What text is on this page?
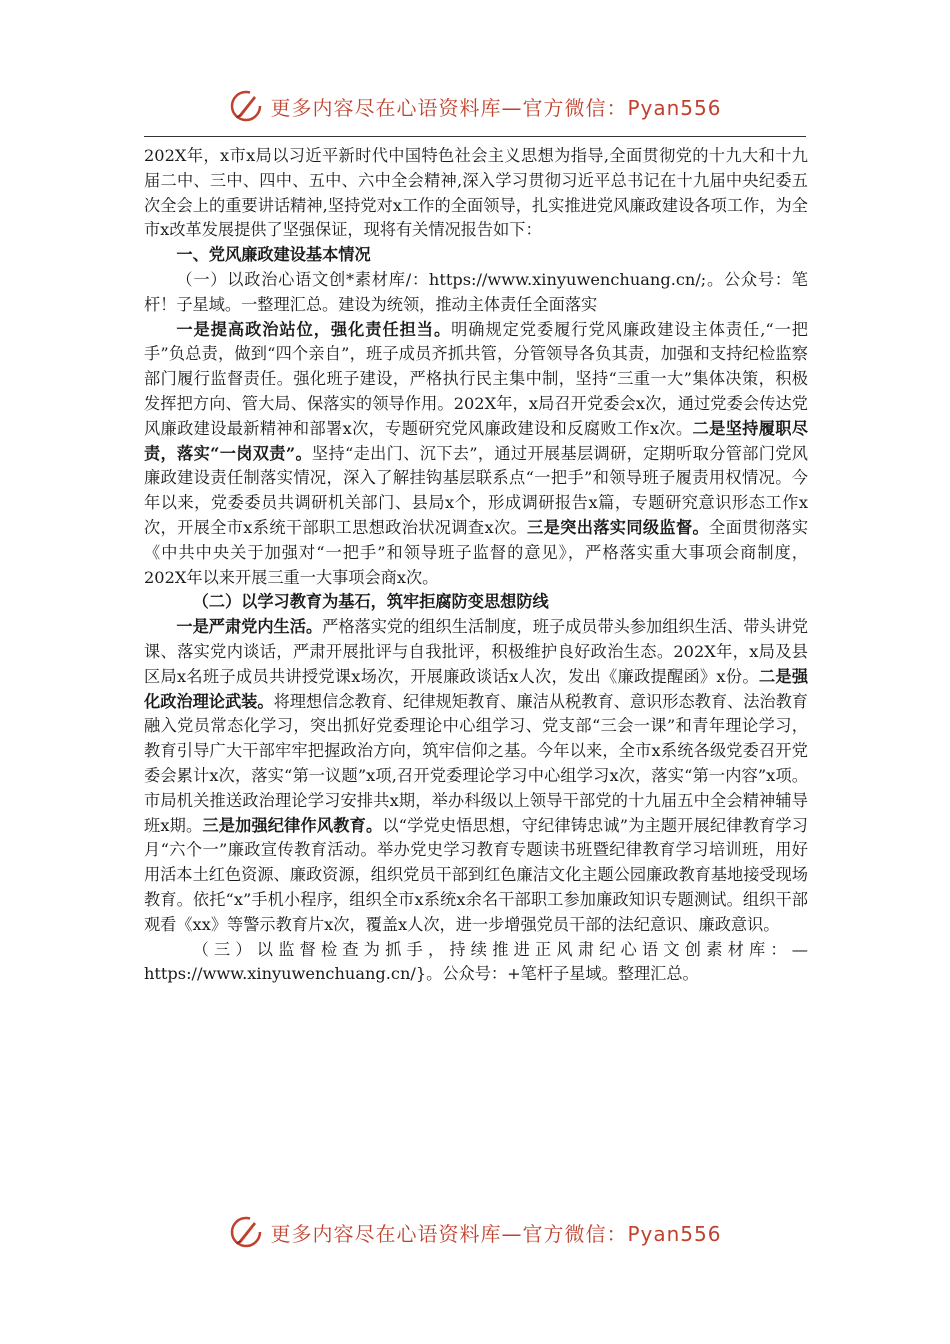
更多内容尽在心语资料库—官方微信：Pyan556

202X年，x市x局以习近平新时代中国特色社会主义思想为指导,全面贯彻党的十九大和十九届二中、三中、四中、五中、六中全会精神,深入学习贯彻习近平总书记在十九届中央纪委五次全会上的重要讲话精神,坚持党对x工作的全面领导，扎实推进党风廉政建设各项工作，为全市x改革发展提供了坚强保证，现将有关情况报告如下：

一、党风廉政建设基本情况

（一）以政治心语文创*素材库/：https://www.xinyuwenchuang.cn/;。公众号：笔杆！子星域。一整理汇总。建设为统领，推动主体责任全面落实

一是提高政治站位，强化责任担当。明确规定党委履行党风廉政建设主体责任,“一把手”负总责，做到“四个亲自”，班子成员齐抓共管，分管领导各负其责，加强和支持纪检监察部门履行监督责任。强化班子建设，严格执行民主集中制，坚持“三重一大”集体决策，积极发挥把方向、管大局、保落实的领导作用。202X年，x局召开党委会x次，通过党委会传达党风廉政建设最新精神和部署x次，专题研究党风廉政建设和反腐败工作x次。二是坚持履职尽责，落实“一岗双责”。坚持“走出门、沉下去”，通过开展基层调研，定期听取分管部门党风廉政建设责任制落实情况，深入了解挂钩基层联系点“一把手”和领导班子履责用权情况。今年以来，党委委员共调研机关部门、县局x个，形成调研报告x篇，专题研究意识形态工作x次，开展全市x系统干部职工思想政治状况调查x次。三是突出落实同级监督。全面贯彻落实《中共中央关于加强对“一把手”和领导班子监督的意见》，严格落实重大事项会商制度，202X年以来开展三重一大事项会商x次。

（二）以学习教育为基石，筑牢拒腐防变思想防线

一是严肃党内生活。严格落实党的组织生活制度，班子成员带头参加组织生活、带头讲党课、落实党内谈话，严肃开展批评与自我批评，积极维护良好政治生态。202X年，x局及县区局x名班子成员共讲授党课x场次，开展廉政谈话x人次，发出《廉政提醒函》x份。二是强化政治理论武装。将理想信念教育、纪律规矩教育、廉洁从税教育、意识形态教育、法治教育融入党员常态化学习，突出抓好党委理论中心组学习、党支部“三会一课”和青年理论学习，教育引导广大干部牢牢把握政治方向，筑牢信仰之基。今年以来，全市x系统各级党委召开党委会累计x次，落实“第一议题”x项,召开党委理论学习中心组学习x次，落实“第一内容”x项。市局机关推送政治理论学习安排共x期，举办科级以上领导干部党的十九届五中全会精神辅导班x期。三是加强纪律作风教育。以“学党史悟思想，守纪律铸忠诚”为主题开展纪律教育学习月“六个一”廉政宣传教育活动。举办党史学习教育专题读书班暨纪律教育学习培训班，用好用活本土红色资源、廉政资源，组织党员干部到红色廉洁文化主题公园廉政教育基地接受现场教育。依托“x”手机小程序，组织全市x系统x余名干部职工参加廉政知识专题测试。组织干部观看《xx》等警示教育片x次，覆盖x人次，进一步增强党员干部的法纪意识、廉政意识。

（三）以监督检查为抓手，持续推进正风肃纪心语文创素材库：—https://www.xinyuwenchuang.cn/}。公众号：+笔杆子星域。整理汇总。

更多内容尽在心语资料库—官方微信：Pyan556
